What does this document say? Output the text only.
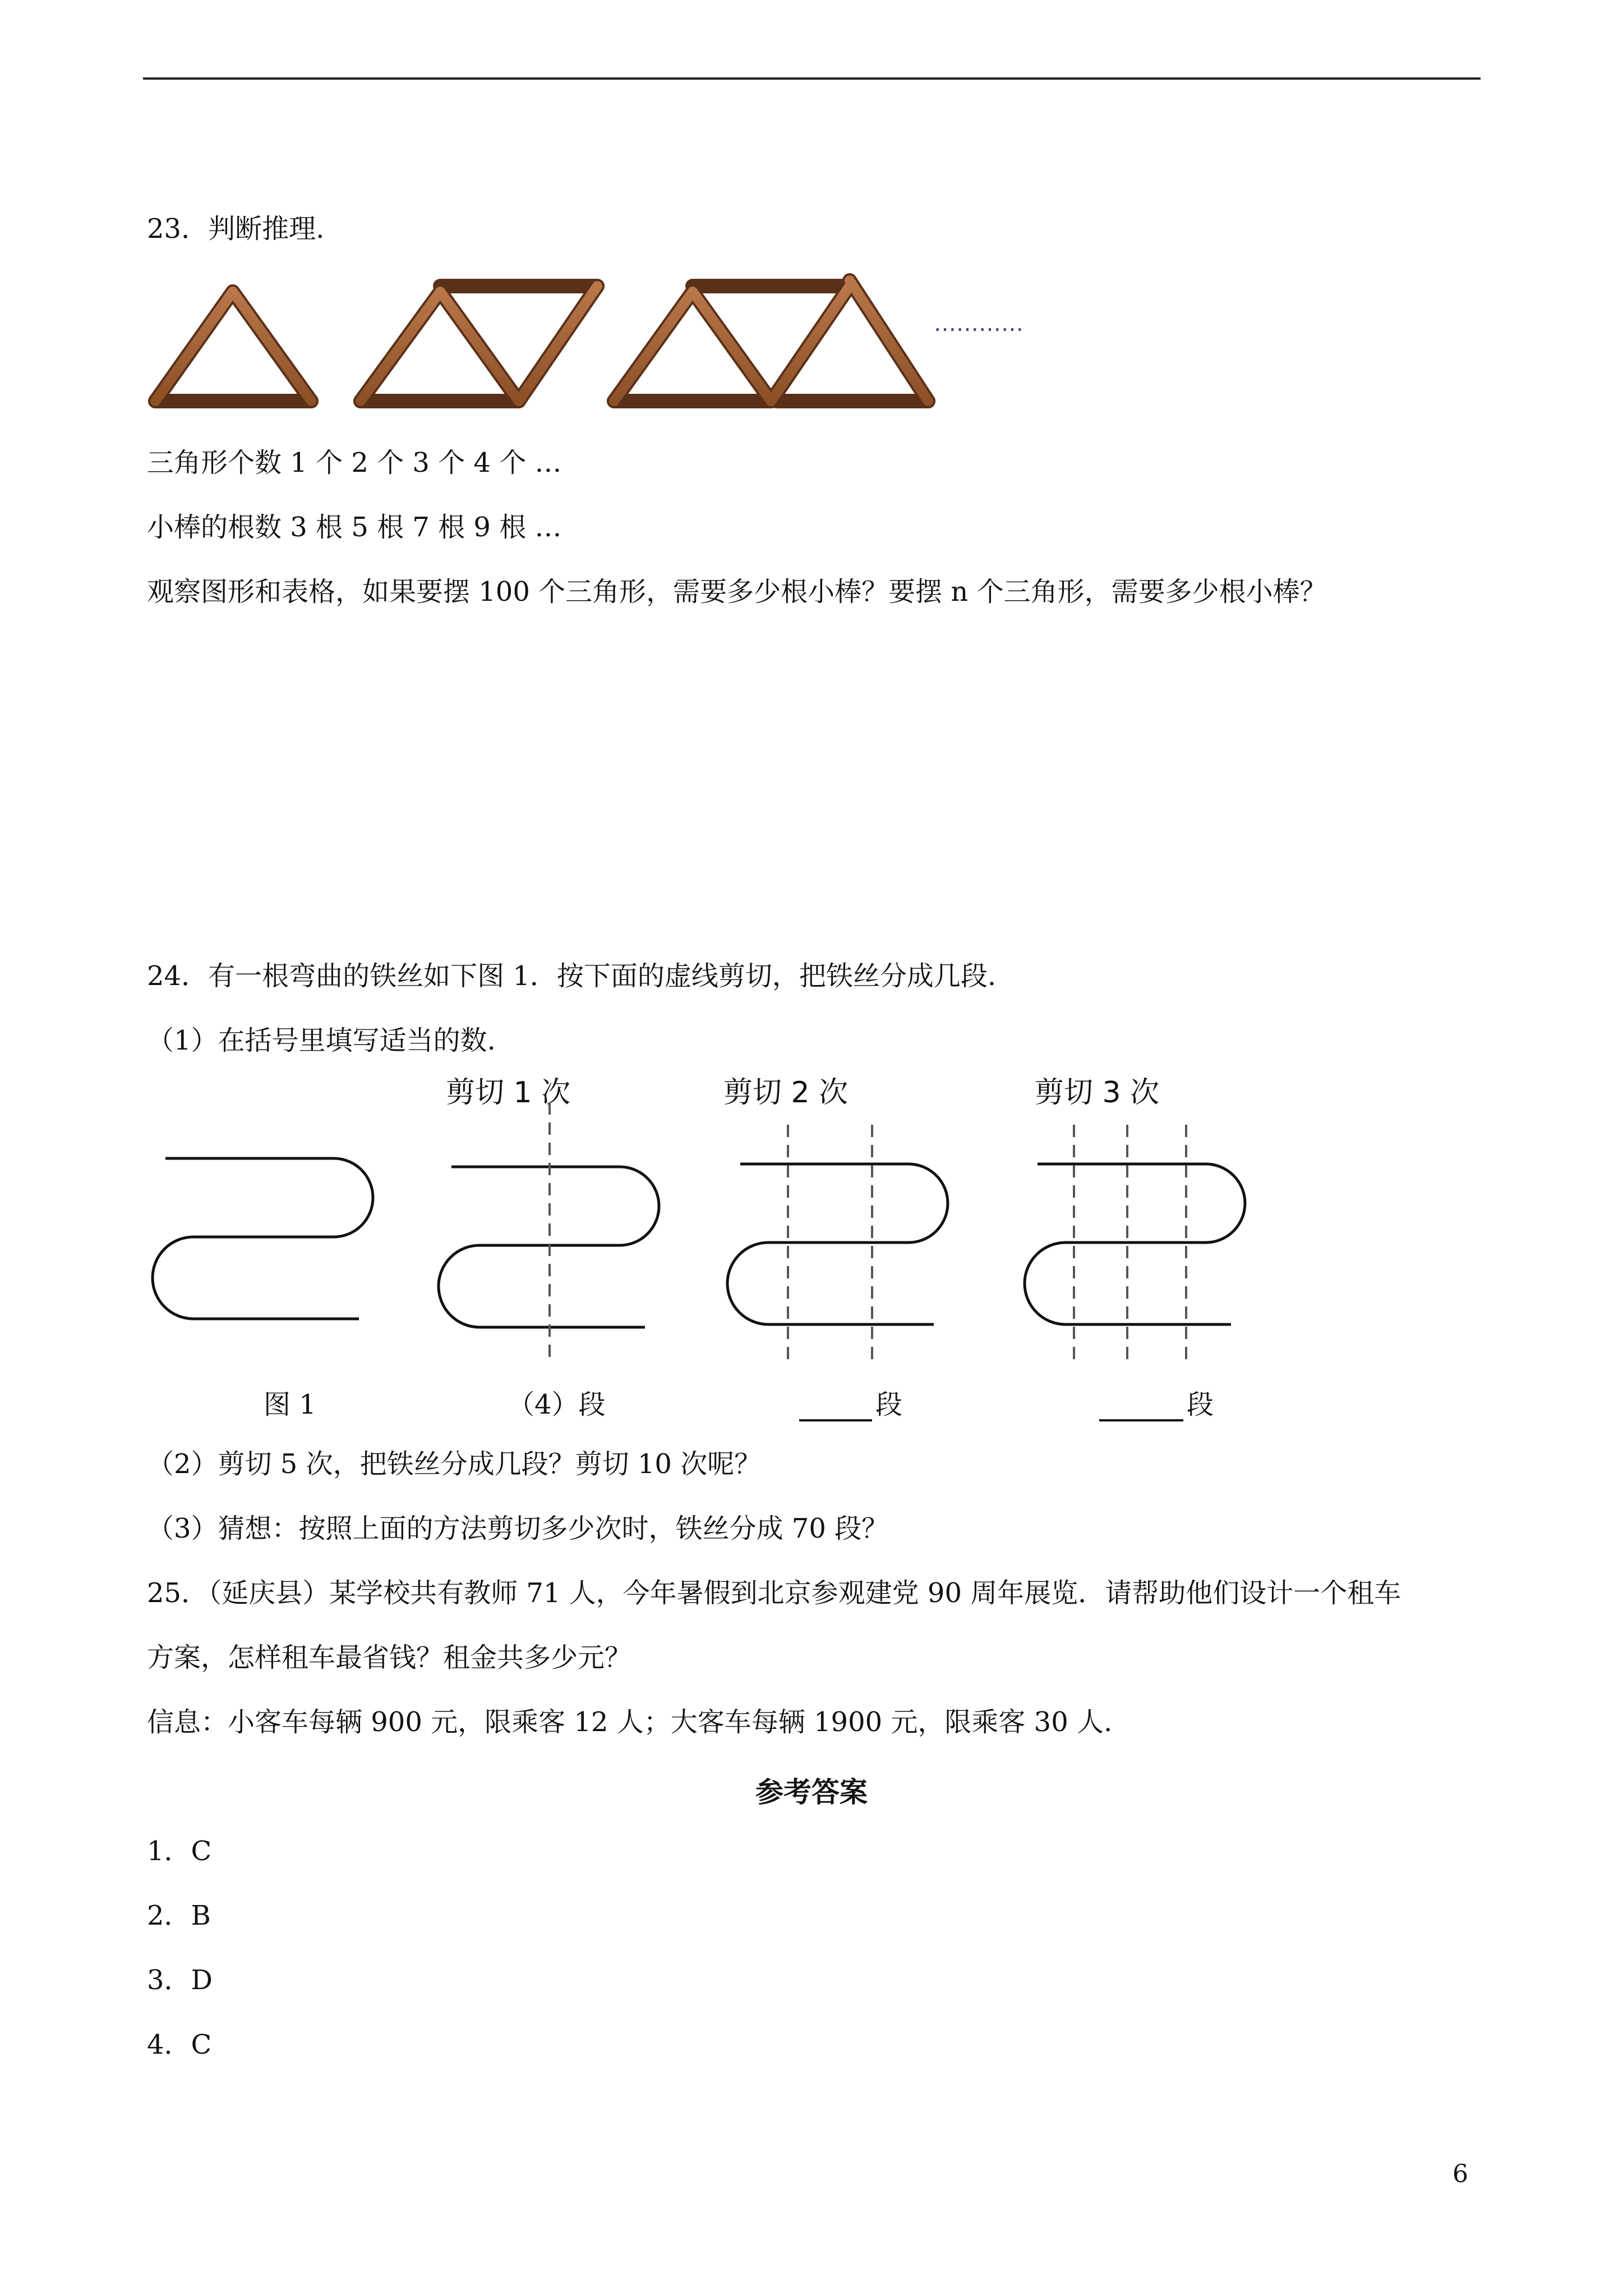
23．判断推理.
…………
三角形个数 1 个 2 个 3 个 4 个 …
小棒的根数 3 根 5 根 7 根 9 根 …
观察图形和表格，如果要摆 100 个三角形，需要多少根小棒？要摆 n 个三角形，需要多少根小棒？
24．有一根弯曲的铁丝如下图 1．按下面的虚线剪切，把铁丝分成几段.
（1）在括号里填写适当的数.
剪切 1 次	剪切 2 次	剪切 3 次
图 1	（4）段	段	段
（2）剪切 5 次，把铁丝分成几段？剪切 10 次呢？
（3）猜想：按照上面的方法剪切多少次时，铁丝分成 70 段？
25．（延庆县）某学校共有教师 71 人，今年暑假到北京参观建党 90 周年展览．请帮助他们设计一个租车
方案，怎样租车最省钱？租金共多少元？
信息：小客车每辆 900 元，限乘客 12 人；大客车每辆 1900 元，限乘客 30 人.
参考答案
1．C
2．B
3．D
4．C
6
